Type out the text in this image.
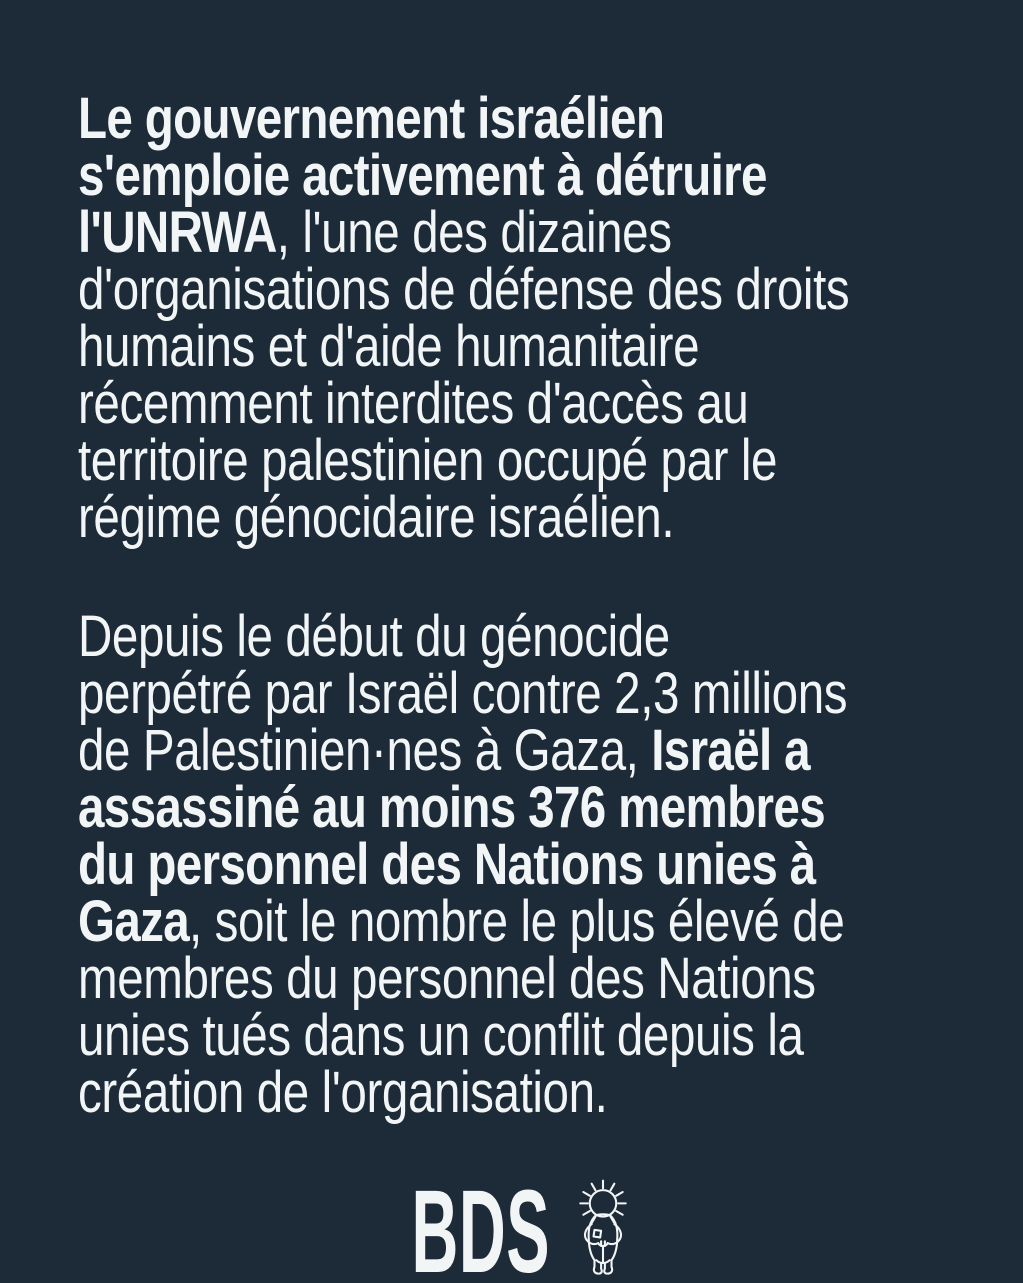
Le gouvernement israélien
s'emploie activement à détruire
l'UNRWA, l'une des dizaines
d'organisations de défense des droits
humains et d'aide humanitaire
récemment interdites d'accès au
territoire palestinien occupé par le
régime génocidaire israélien.
Depuis le début du génocide
perpétré par Israël contre 2,3 millions
de Palestinien·nes à Gaza, Israël a
assassiné au moins 376 membres
du personnel des Nations unies à
Gaza, soit le nombre le plus élevé de
membres du personnel des Nations
unies tués dans un conflit depuis la
création de l'organisation.
BDS
